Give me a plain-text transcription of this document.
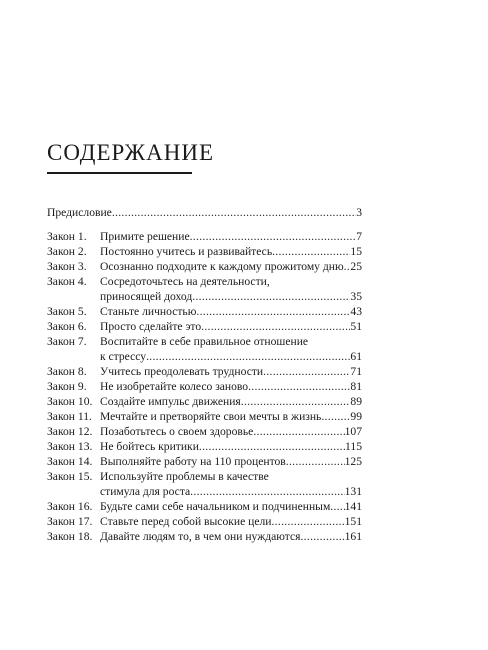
СОДЕРЖАНИЕ
Предисловие .....	3
Закон 1.	Примите решение .....	7
Закон 2.	Постоянно учитесь и развивайтесь .....	15
Закон 3.	Осознанно подходите к каждому прожитому дню ..... 25
Закон 4.	Сосредоточьтесь на деятельности,
приносящей доход .....	35
Закон 5.	Станьте личностью .....	43
Закон 6.	Просто сделайте это .....	51
Закон 7.	Воспитайте в себе правильное отношение
к стрессу .....	61
Закон 8.	Учитесь преодолевать трудности .....	71
Закон 9.	Не изобретайте колесо заново .....	81
Закон 10. Создайте импульс движения .....	89
Закон 11. Мечтайте и претворяйте свои мечты в жизнь .....	99
Закон 12. Позаботьтесь о своем здоровье .....	107
Закон 13. Не бойтесь критики .....	115
Закон 14. Выполняйте работу на 110 процентов .....	125
Закон 15. Используйте проблемы в качестве
стимула для роста .....	131
Закон 16. Будьте сами себе начальником и подчиненным ..... 141
Закон 17. Ставьте перед собой высокие цели .....	151
Закон 18. Давайте людям то, в чем они нуждаются .....	161
